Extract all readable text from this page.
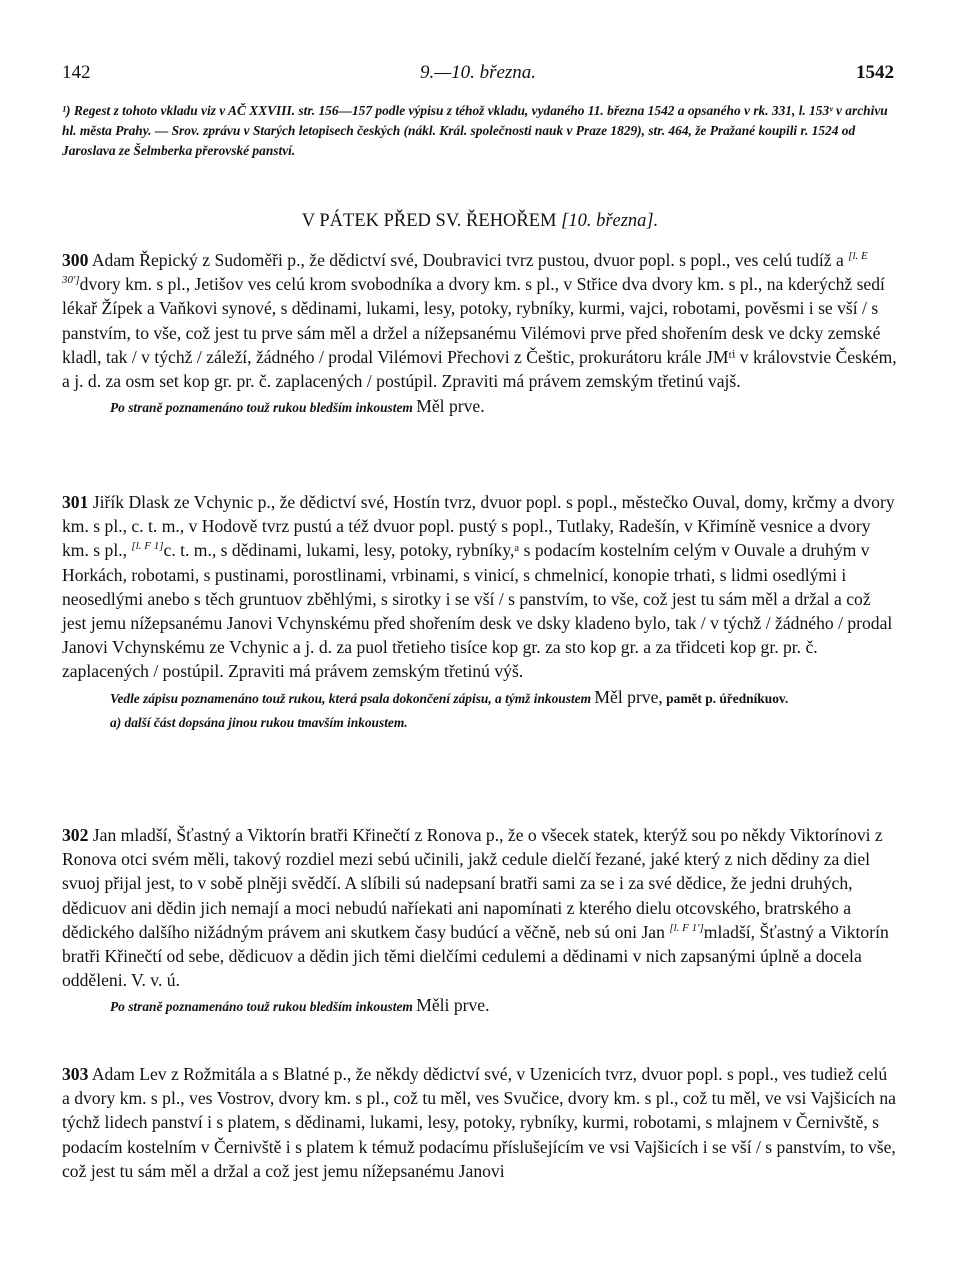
142	9.—10. března.	1542
¹) Regest z tohoto vkladu viz v AČ XXVIII. str. 156—157 podle výpisu z téhož vkladu, vydaného 11. března 1542 a opsaného v rk. 331, l. 153ᵛ v archivu hl. města Prahy. — Srov. zprávu v Starých letopisech českých (nákl. Král. společnosti nauk v Praze 1829), str. 464, že Pražané koupili r. 1524 od Jaroslava ze Šelmberka přerovské panství.
V PÁTEK PŘED SV. ŘEHOŘEM [10. března].

300 Adam Řepický z Sudoměři p., že dědictví své, Doubravici tvrz pustou, dvuor popl. s popl., ves celú tudíž a [l. E 30']dvory km. s pl., Jetišov ves celú krom svobodníka a dvory km. s pl., v Střice dva dvory km. s pl., na kderýchž sedí lékař Žípek a Vaňkovi synové, s dědinami, lukami, lesy, potoky, rybníky, kurmi, vajci, robotami, pověsmi i se vší / s panstvím, to vše, což jest tu prve sám měl a držel a nížepsanému Vilémovi prve před shořením desk ve dcky zemské kladl, tak / v týchž / záleží, žádného / prodal Vilémovi Přechovi z Češtic, prokurátoru krále JMᵗⁱ v královstvie Českém, a j. d. za osm set kop gr. pr. č. zaplacených / postúpil. Zpraviti má právem zemským třetinú vajš.

Po straně poznamenáno touž rukou bledším inkoustem Měl prve.

301 Jiřík Dlask ze Vchynic p., že dědictví své, Hostín tvrz, dvuor popl. s popl., městečko Ouval, domy, krčmy a dvory km. s pl., c. t. m., v Hodově tvrz pustú a též dvuor popl. pustý s popl., Tutlaky, Radešín, v Křimíně vesnice a dvory km. s pl., [l. F 1]c. t. m., s dědinami, lukami, lesy, potoky, rybníky,ᵃ s podacím kostelním celým v Ouvale a druhým v Horkách, robotami, s pustinami, porostlinami, vrbinami, s vinicí, s chmelnicí, konopie trhati, s lidmi osedlými i neosedlými anebo s těch gruntuov zběhlými, s sirotky i se vší / s panstvím, to vše, což jest tu sám měl a držal a což jest jemu nížepsanému Janovi Vchynskému před shořením desk ve dsky kladeno bylo, tak / v týchž / žádného / prodal Janovi Vchynskému ze Vchynic a j. d. za puol třetieho tisíce kop gr. za sto kop gr. a za třidceti kop gr. pr. č. zaplacených / postúpil. Zpraviti má právem zemským třetinú výš.

Vedle zápisu poznamenáno touž rukou, která psala dokončení zápisu, a týmž inkoustem Měl prve, pamět p. úředníkuov.

a) další část dopsána jinou rukou tmavším inkoustem.

302 Jan mladší, Šťastný a Viktorín bratři Křinečtí z Ronova p., že o všecek statek, kterýž sou po někdy Viktorínovi z Ronova otci svém měli, takový rozdiel mezi sebú učinili, jakž cedule dielčí řezané, jaké který z nich dědiny za diel svuoj přijal jest, to v sobě plněji svědčí. A slíbili sú nadepsaní bratři sami za se i za své dědice, že jedni druhých, dědicuov ani dědin jich nemají a moci nebudú naříekati ani napomínati z kterého dielu otcovského, bratrského a dědického dalšího nižádným právem ani skutkem časy budúcí a věčně, neb sú oni Jan [l. F 1']mladší, Šťastný a Viktorín bratři Křinečtí od sebe, dědicuov a dědin jich těmi dielčími cedulemi a dědinami v nich zapsanými úplně a docela odděleni. V. v. ú.

Po straně poznamenáno touž rukou bledším inkoustem Měli prve.

303 Adam Lev z Rožmitála a s Blatné p., že někdy dědictví své, v Uzenicích tvrz, dvuor popl. s popl., ves tudiež celú a dvory km. s pl., ves Vostrov, dvory km. s pl., což tu měl, ves Svučice, dvory km. s pl., což tu měl, ve vsi Vajšicích na týchž lidech panství i s platem, s dědinami, lukami, lesy, potoky, rybníky, kurmi, robotami, s mlajnem v Černivště, s podacím kostelním v Černivště i s platem k témuž podacímu příslušejícím ve vsi Vajšicích i se vší / s panstvím, to vše, což jest tu sám měl a držal a což jest jemu nížepsanému Janovi
